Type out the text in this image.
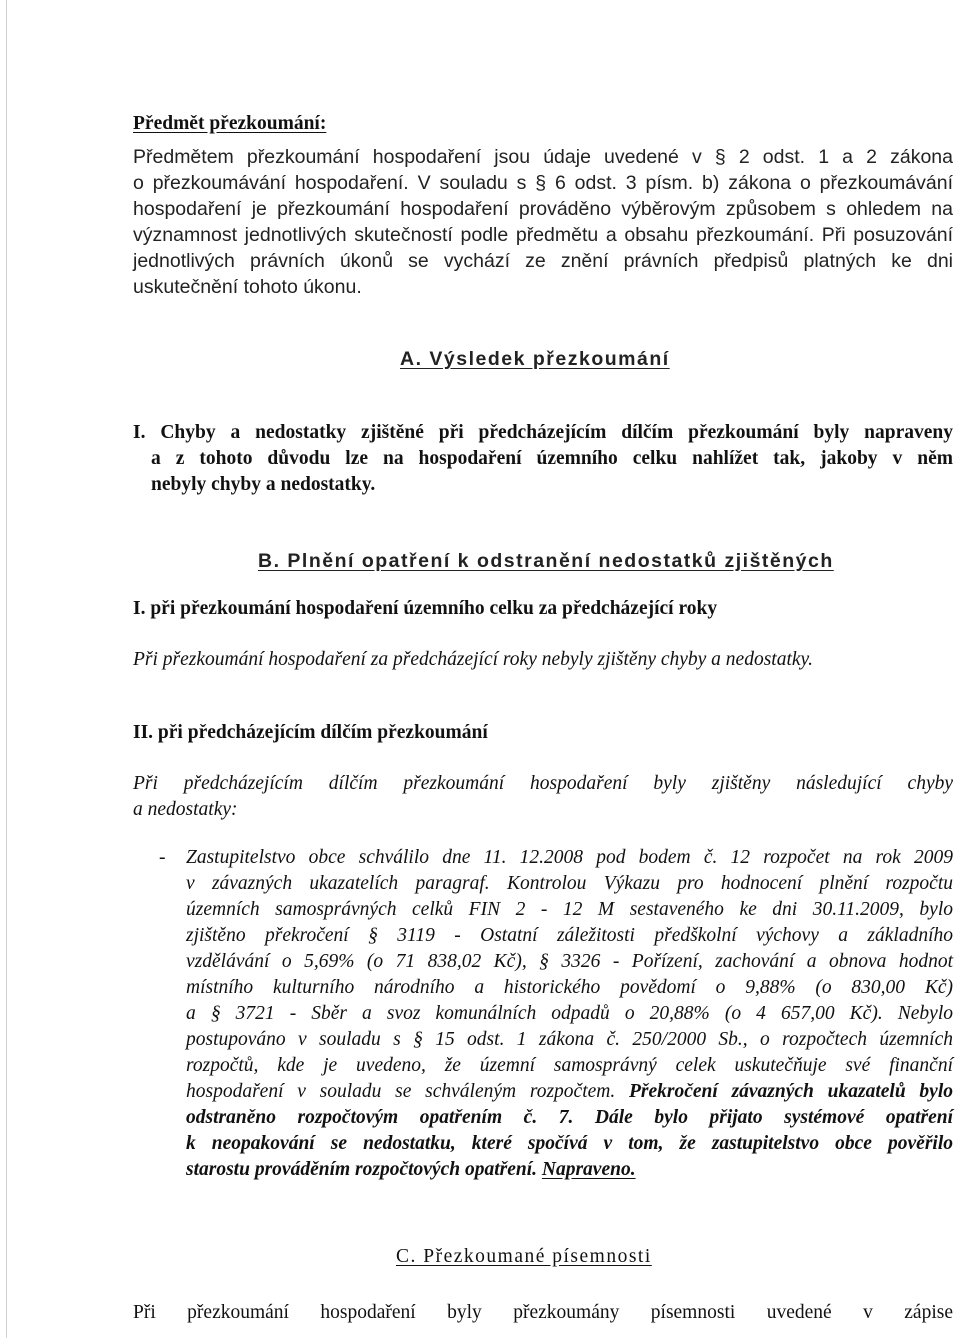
Předmět přezkoumání:
Předmětem přezkoumání hospodaření jsou údaje uvedené v § 2 odst. 1 a 2 zákona
o přezkoumávání hospodaření. V souladu s § 6 odst. 3 písm. b) zákona o přezkoumávání
hospodaření je přezkoumání hospodaření prováděno výběrovým způsobem s ohledem na
významnost jednotlivých skutečností podle předmětu a obsahu přezkoumání. Při posuzování
jednotlivých právních úkonů se vychází ze znění právních předpisů platných ke dni
uskutečnění tohoto úkonu.
A. Výsledek přezkoumání
I. Chyby a nedostatky zjištěné při předcházejícím dílčím přezkoumání byly napraveny
a z tohoto důvodu lze na hospodaření územního celku nahlížet tak, jakoby v něm
nebyly chyby a nedostatky.
B. Plnění opatření k odstranění nedostatků zjištěných
I. při přezkoumání hospodaření územního celku za předcházející roky
Při přezkoumání hospodaření za předcházející roky nebyly zjištěny chyby a nedostatky.
II. při předcházejícím dílčím přezkoumání
Při předcházejícím dílčím přezkoumání hospodaření byly zjištěny následující chyby
a nedostatky:
- Zastupitelstvo obce schválilo dne 11. 12.2008 pod bodem č. 12 rozpočet na rok 2009
v závazných ukazatelích paragraf. Kontrolou Výkazu pro hodnocení plnění rozpočtu
územních samosprávných celků FIN 2 - 12 M sestaveného ke dni 30.11.2009, bylo
zjištěno překročení § 3119 - Ostatní záležitosti předškolní výchovy a základního
vzdělávání o 5,69% (o 71 838,02 Kč), § 3326 - Pořízení, zachování a obnova hodnot
místního kulturního národního a historického povědomí o 9,88% (o 830,00 Kč)
a § 3721 - Sběr a svoz komunálních odpadů o 20,88% (o 4 657,00 Kč). Nebylo
postupováno v souladu s § 15 odst. 1 zákona č. 250/2000 Sb., o rozpočtech územních
rozpočtů, kde je uvedeno, že územní samosprávný celek uskutečňuje své finanční
hospodaření v souladu se schváleným rozpočtem. Překročení závazných ukazatelů bylo
odstraněno rozpočtovým opatřením č. 7. Dále bylo přijato systémové opatření
k neopakování se nedostatku, které spočívá v tom, že zastupitelstvo obce pověřilo
starostu prováděním rozpočtových opatření. Napraveno.
C. Přezkoumané písemnosti
Při přezkoumání hospodaření byly přezkoumány písemnosti uvedené v zápise
